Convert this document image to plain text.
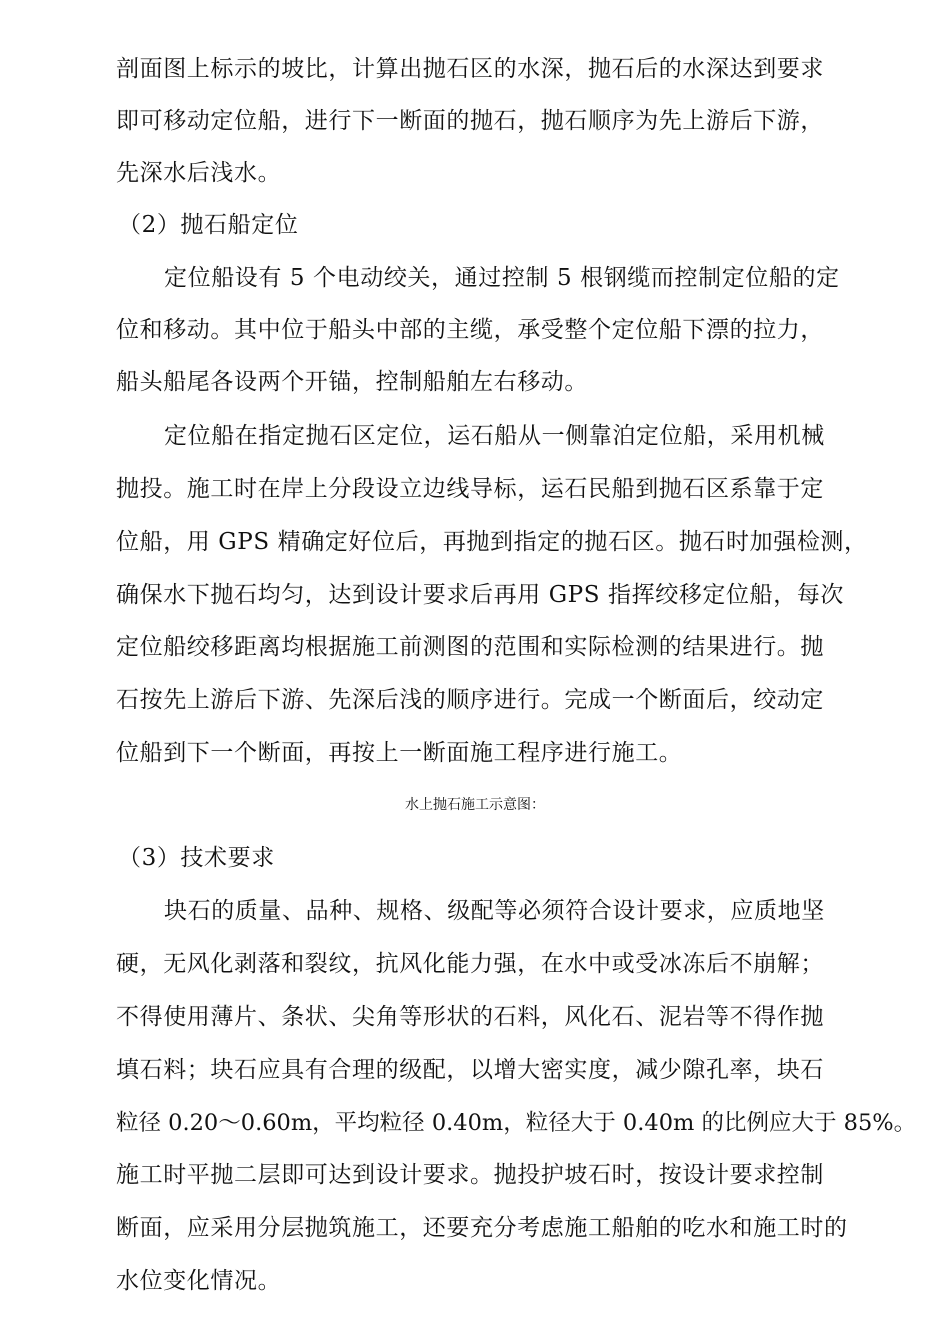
剖面图上标示的坡比，计算出抛石区的水深，抛石后的水深达到要求
即可移动定位船，进行下一断面的抛石，抛石顺序为先上游后下游，
先深水后浅水。
（2）抛石船定位
定位船设有 5 个电动绞关，通过控制 5 根钢缆而控制定位船的定
位和移动。其中位于船头中部的主缆，承受整个定位船下漂的拉力，
船头船尾各设两个开锚，控制船舶左右移动。
定位船在指定抛石区定位，运石船从一侧靠泊定位船，采用机械
抛投。施工时在岸上分段设立边线导标，运石民船到抛石区系靠于定
位船，用 GPS 精确定好位后，再抛到指定的抛石区。抛石时加强检测，
确保水下抛石均匀，达到设计要求后再用 GPS 指挥绞移定位船，每次
定位船绞移距离均根据施工前测图的范围和实际检测的结果进行。抛
石按先上游后下游、先深后浅的顺序进行。完成一个断面后，绞动定
位船到下一个断面，再按上一断面施工程序进行施工。
水上抛石施工示意图：
（3）技术要求
块石的质量、品种、规格、级配等必须符合设计要求，应质地坚
硬，无风化剥落和裂纹，抗风化能力强，在水中或受冰冻后不崩解；
不得使用薄片、条状、尖角等形状的石料，风化石、泥岩等不得作抛
填石料；块石应具有合理的级配，以增大密实度，减少隙孔率，块石
粒径 0.20～0.60m，平均粒径 0.40m，粒径大于 0.40m 的比例应大于 85%。
施工时平抛二层即可达到设计要求。抛投护坡石时，按设计要求控制
断面，应采用分层抛筑施工，还要充分考虑施工船舶的吃水和施工时的
水位变化情况。
